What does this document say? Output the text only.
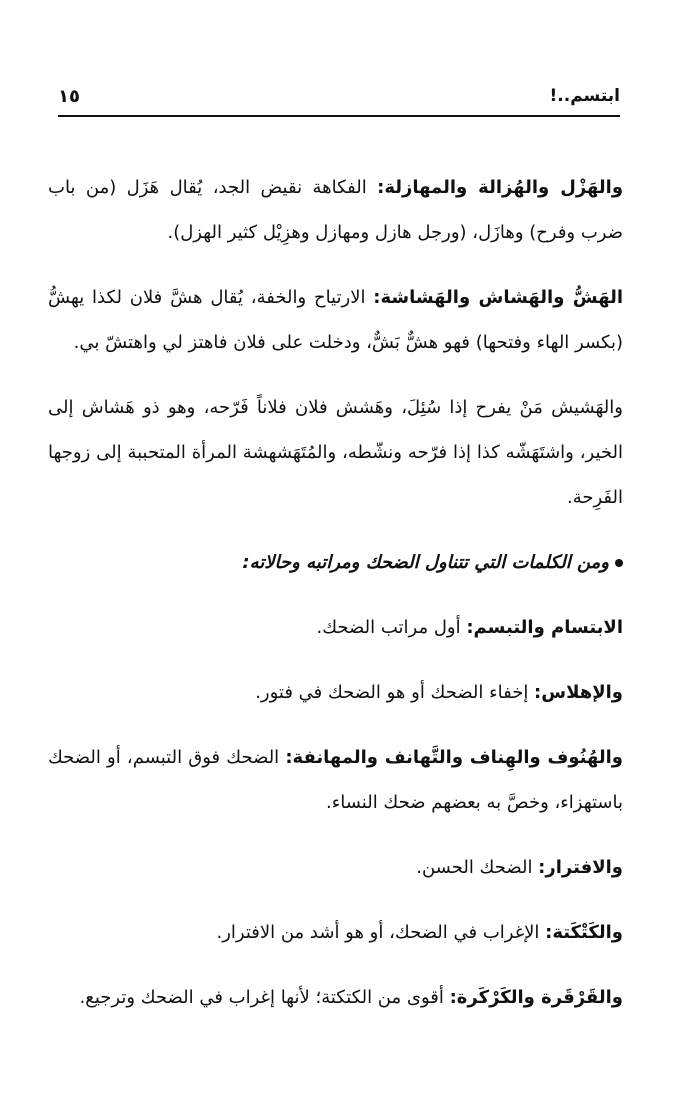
ابتسم..!
١٥

والهَزْل والهُزالة والمهازلة: الفكاهة نقيض الجد، يُقال هَزَل (من باب ضرب وفرح) وهازَل، (ورجل هازل ومهازل وهزِيْل كثير الهزل).

الهَشُّ والهَشاش والهَشاشة: الارتياح والخفة، يُقال هشَّ فلان لكذا يهشُّ (بكسر الهاء وفتحها) فهو هشٌّ بَشٌّ، ودخلت على فلان فاهتز لي واهتشّ بي.

والهَشيش مَنْ يفرح إذا سُئِلَ، وهَشش فلان فلاناً فَرّحه، وهو ذو هَشاش إلى الخير، واشتَهَشّه كذا إذا فرّحه ونشّطه، والمُتَهَشهشة المرأة المتحببة إلى زوجها الفَرِحة.

ومن الكلمات التي تتناول الضحك ومراتبه وحالاته:

الابتسام والتبسم: أول مراتب الضحك.

والإهلاس: إخفاء الضحك أو هو الضحك في فتور.

والهُنُوف والهِناف والتَّهانف والمهانفة: الضحك فوق التبسم، أو الضحك باستهزاء، وخصَّ به بعضهم ضحك النساء.

والافترار: الضحك الحسن.

والكَتْكَتة: الإغراب في الضحك، أو هو أشد من الافترار.

والقَرْقَرة والكَرْكَرة: أقوى من الكتكتة؛ لأنها إغراب في الضحك وترجيع.
